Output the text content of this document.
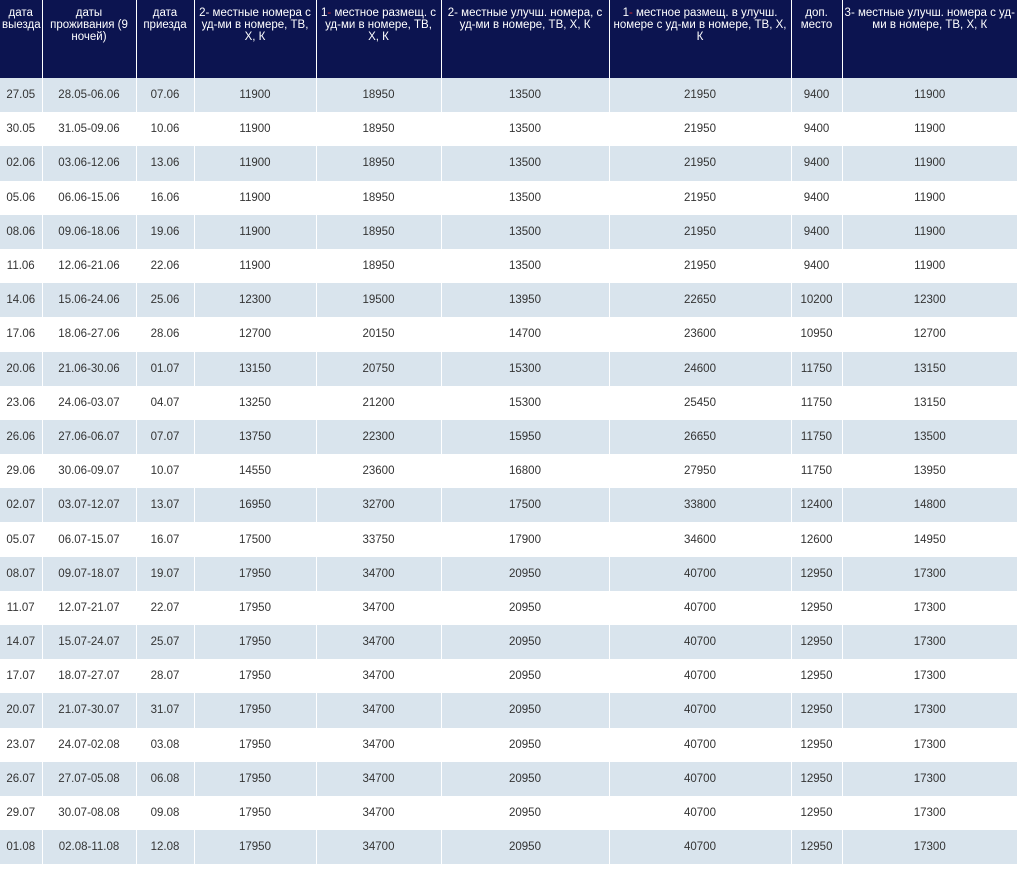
дата выезда	даты проживания (9 ночей)	дата приезда	2- местные номера с уд-ми в номере, ТВ, Х, К	1- местное размещ. с уд-ми в номере, ТВ, Х, К	2- местные улучш. номера, с уд-ми в номере, ТВ, Х, К	1- местное размещ. в улучш. номере с уд-ми в номере, ТВ, Х, К	доп. место	3- местные улучш. номера с уд-ми в номере, ТВ, Х, К
27.05	28.05-06.06	07.06	11900	18950	13500	21950	9400	11900
30.05	31.05-09.06	10.06	11900	18950	13500	21950	9400	11900
02.06	03.06-12.06	13.06	11900	18950	13500	21950	9400	11900
05.06	06.06-15.06	16.06	11900	18950	13500	21950	9400	11900
08.06	09.06-18.06	19.06	11900	18950	13500	21950	9400	11900
11.06	12.06-21.06	22.06	11900	18950	13500	21950	9400	11900
14.06	15.06-24.06	25.06	12300	19500	13950	22650	10200	12300
17.06	18.06-27.06	28.06	12700	20150	14700	23600	10950	12700
20.06	21.06-30.06	01.07	13150	20750	15300	24600	11750	13150
23.06	24.06-03.07	04.07	13250	21200	15300	25450	11750	13150
26.06	27.06-06.07	07.07	13750	22300	15950	26650	11750	13500
29.06	30.06-09.07	10.07	14550	23600	16800	27950	11750	13950
02.07	03.07-12.07	13.07	16950	32700	17500	33800	12400	14800
05.07	06.07-15.07	16.07	17500	33750	17900	34600	12600	14950
08.07	09.07-18.07	19.07	17950	34700	20950	40700	12950	17300
11.07	12.07-21.07	22.07	17950	34700	20950	40700	12950	17300
14.07	15.07-24.07	25.07	17950	34700	20950	40700	12950	17300
17.07	18.07-27.07	28.07	17950	34700	20950	40700	12950	17300
20.07	21.07-30.07	31.07	17950	34700	20950	40700	12950	17300
23.07	24.07-02.08	03.08	17950	34700	20950	40700	12950	17300
26.07	27.07-05.08	06.08	17950	34700	20950	40700	12950	17300
29.07	30.07-08.08	09.08	17950	34700	20950	40700	12950	17300
01.08	02.08-11.08	12.08	17950	34700	20950	40700	12950	17300
